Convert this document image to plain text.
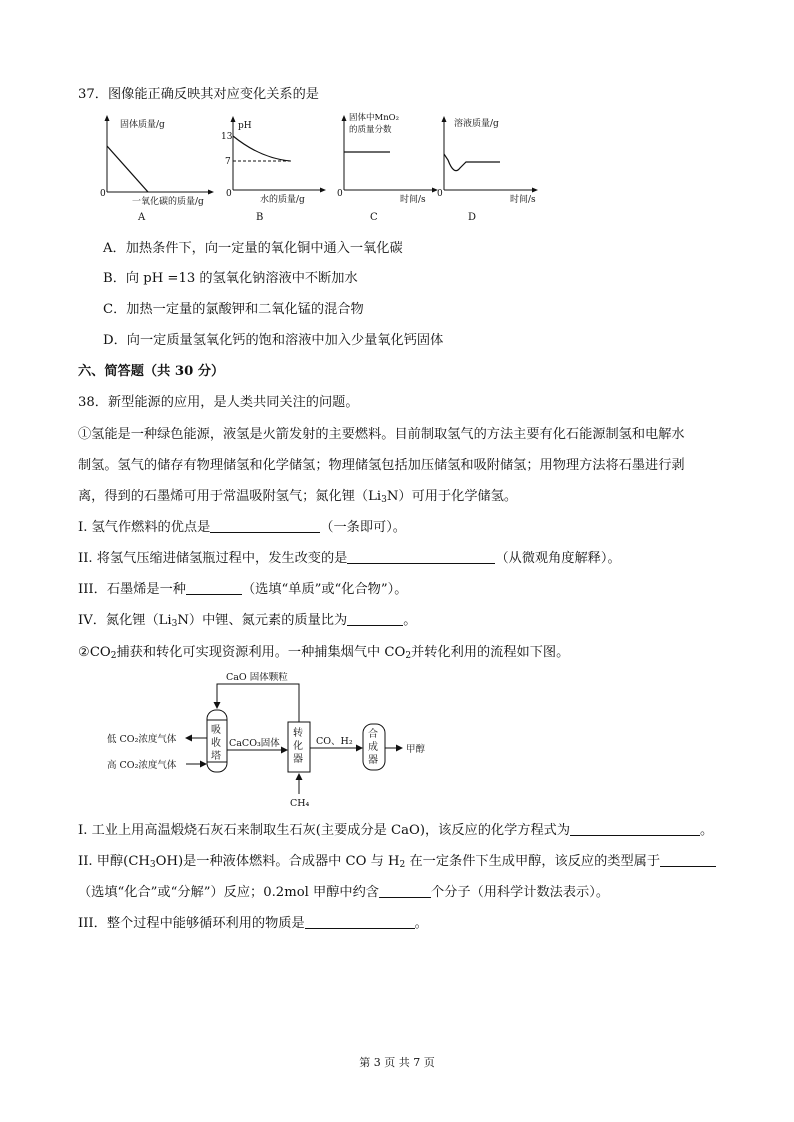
37．图像能正确反映其对应变化关系的是
固体质量/g
0
一氧化碳的质量/g
A
pH
13
7
0
水的质量/g
B
固体中MnO₂
的质量分数
0
时间/s
C
溶液质量/g
0
时间/s
D
A．加热条件下，向一定量的氧化铜中通入一氧化碳
B．向 pH =13 的氢氧化钠溶液中不断加水
C．加热一定量的氯酸钾和二氧化锰的混合物
D．向一定质量氢氧化钙的饱和溶液中加入少量氧化钙固体
六、简答题（共 30 分）
38．新型能源的应用，是人类共同关注的问题。
①氢能是一种绿色能源，液氢是火箭发射的主要燃料。目前制取氢气的方法主要有化石能源制氢和电解水
制氢。氢气的储存有物理储氢和化学储氢；物理储氢包括加压储氢和吸附储氢；用物理方法将石墨进行剥
离，得到的石墨烯可用于常温吸附氢气；氮化锂$(Li_3N)$可用于化学储氢。
I. 氢气作燃料的优点是	（一条即可）。
II. 将氢气压缩进储氢瓶过程中，发生改变的是	（从微观角度解释）。
III．石墨烯是一种	（选填“单质”或“化合物”）。
IV．氮化锂$(Li_3N)$中锂、氮元素的质量比为	。
$②CO_2$捕获和转化可实现资源利用。一种捕集烟气中 $CO_2$并转化利用的流程如下图。
吸
收
塔
转
化
器
合
成
器
CaO 固体颗粒
低 CO₂浓度气体
高 CO₂浓度气体
CaCO₃固体	CO、H₂
甲醇
CH₄
I. 工业上用高温煅烧石灰石来制取生石灰(主要成分是 CaO)，该反应的化学方程式为	。
II. 甲醇$(CH_3OH)$是一种液体燃料。合成器中 CO 与 $H_2$ 在一定条件下生成甲醇，该反应的类型属于
（选填“化合”或“分解”）反应；0.2mol 甲醇中约含	个分子（用科学计数法表示）。
III．整个过程中能够循环利用的物质是	。
第 3 页 共 7 页
